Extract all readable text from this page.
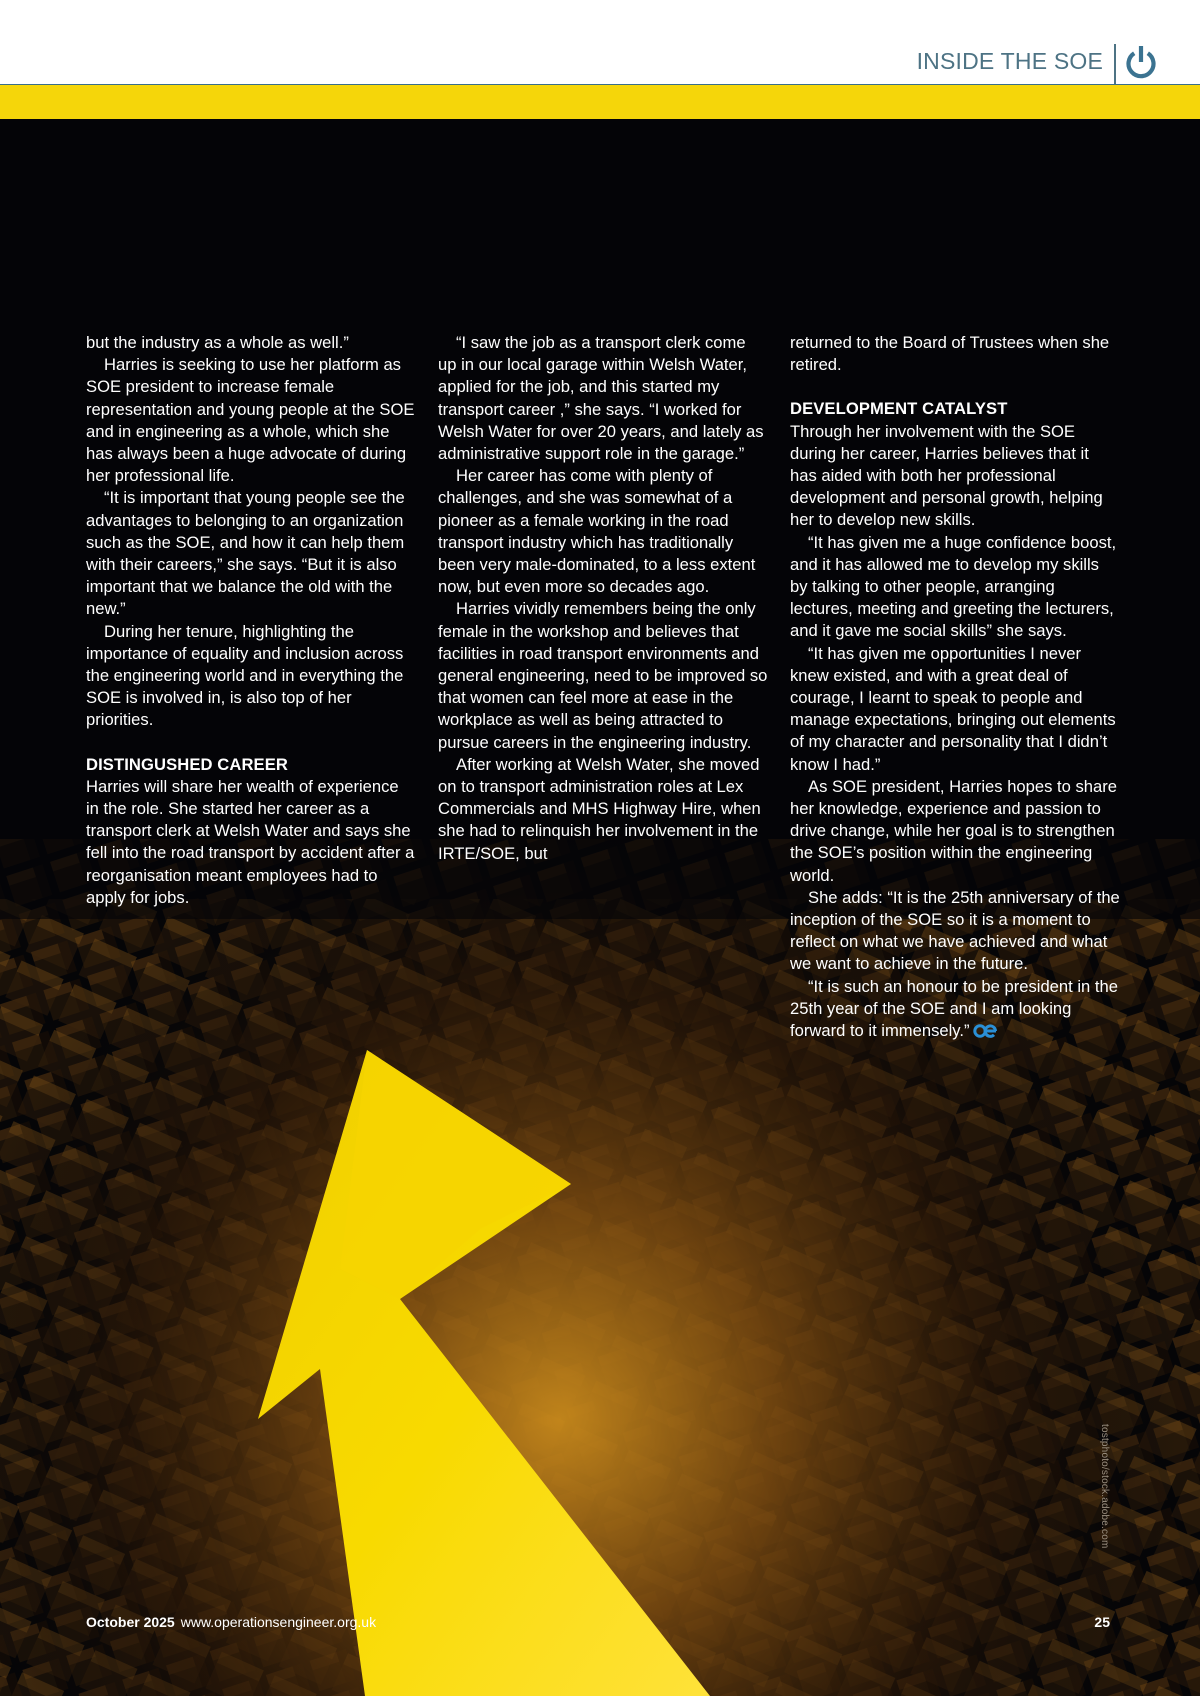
INSIDE THE SOE

but the industry as a whole as well.”

Harries is seeking to use her platform as SOE president to increase female representation and young people at the SOE and in engineering as a whole, which she has always been a huge advocate of during her professional life.

“It is important that young people see the advantages to belonging to an organization such as the SOE, and how it can help them with their careers,” she says. “But it is also important that we balance the old with the new.”

During her tenure, highlighting the importance of equality and inclusion across the engineering world and in everything the SOE is involved in, is also top of her priorities.

DISTINGUSHED CAREER

Harries will share her wealth of experience in the role. She started her career as a transport clerk at Welsh Water and says she fell into the road transport by accident after a reorganisation meant employees had to apply for jobs.

“I saw the job as a transport clerk come up in our local garage within Welsh Water, applied for the job, and this started my transport career ,” she says. “I worked for Welsh Water for over 20 years, and lately as administrative support role in the garage.”

Her career has come with plenty of challenges, and she was somewhat of a pioneer as a female working in the road transport industry which has traditionally been very male-dominated, to a less extent now, but even more so decades ago.

Harries vividly remembers being the only female in the workshop and believes that facilities in road transport environments and general engineering, need to be improved so that women can feel more at ease in the workplace as well as being attracted to pursue careers in the engineering industry.

After working at Welsh Water, she moved on to transport administration roles at Lex Commercials and MHS Highway Hire, when she had to relinquish her involvement in the IRTE/SOE, but

returned to the Board of Trustees when she retired.

DEVELOPMENT CATALYST

Through her involvement with the SOE during her career, Harries believes that it has aided with both her professional development and personal growth, helping her to develop new skills.

“It has given me a huge confidence boost, and it has allowed me to develop my skills by talking to other people, arranging lectures, meeting and greeting the lecturers, and it gave me social skills” she says.

“It has given me opportunities I never knew existed, and with a great deal of courage, I learnt to speak to people and manage expectations, bringing out elements of my character and personality that I didn’t know I had.”

As SOE president, Harries hopes to share her knowledge, experience and passion to drive change, while her goal is to strengthen the SOE’s position within the engineering world.

She adds: “It is the 25th anniversary of the inception of the SOE so it is a moment to reflect on what we have achieved and what we want to achieve in the future.

“It is such an honour to be president in the 25th year of the SOE and I am looking forward to it immensely.”

tostphoto/stock.adobe.com
October 2025 www.operationsengineer.org.uk	25
